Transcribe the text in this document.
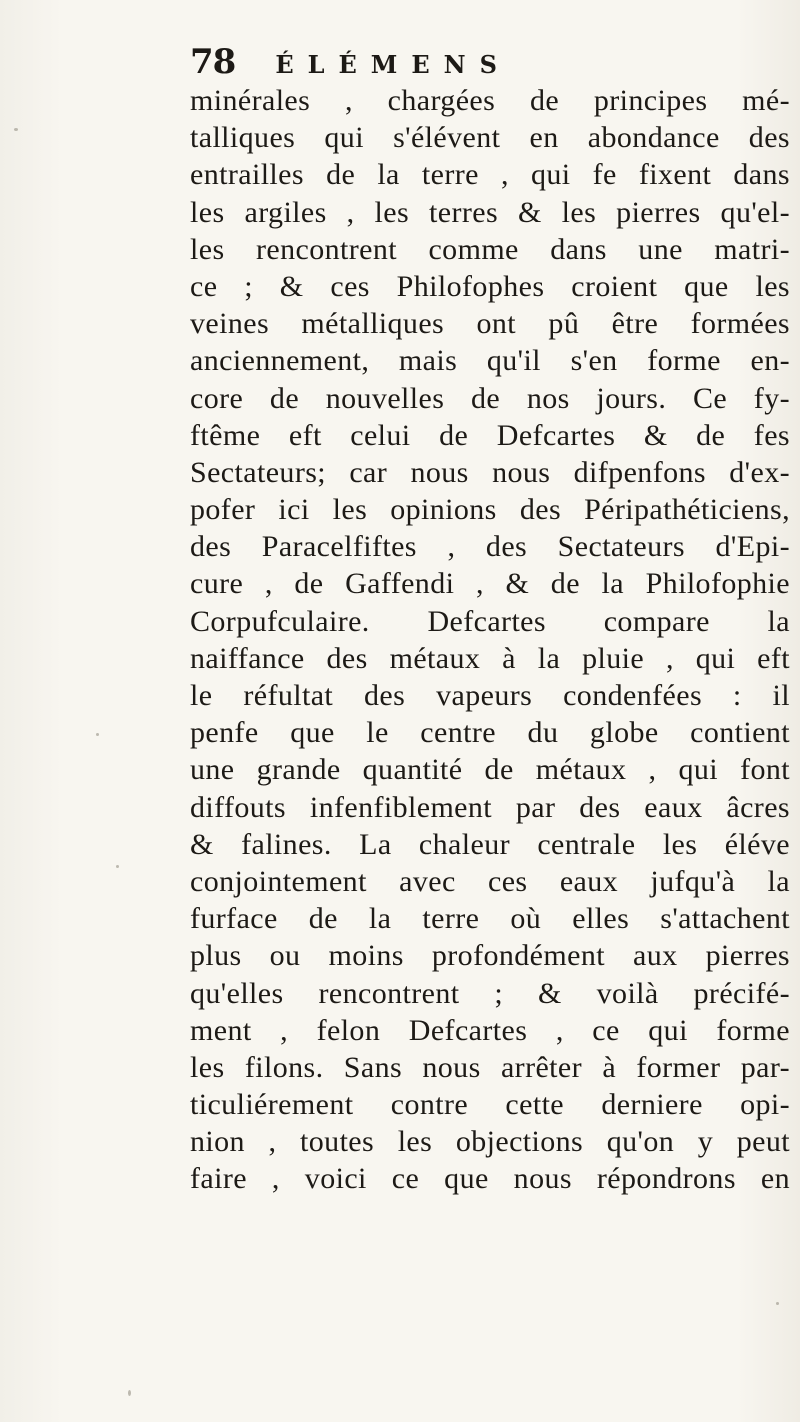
78 ÉLÉMENS
minérales , chargées de principes mé-
talliques qui s'élévent en abondance des
entrailles de la terre , qui fe fixent dans
les argiles , les terres & les pierres qu'el-
les rencontrent comme dans une matri-
ce ; & ces Philofophes croient que les
veines métalliques ont pû être formées
anciennement, mais qu'il s'en forme en-
core de nouvelles de nos jours. Ce fy-
ftême eft celui de Defcartes & de fes
Sectateurs; car nous nous difpenfons d'ex-
pofer ici les opinions des Péripathéticiens,
des Paracelfiftes , des Sectateurs d'Epi-
cure , de Gaffendi , & de la Philofophie
Corpufculaire. Defcartes compare la
naiffance des métaux à la pluie , qui eft
le réfultat des vapeurs condenfées : il
penfe que le centre du globe contient
une grande quantité de métaux , qui font
diffouts infenfiblement par des eaux âcres
& falines. La chaleur centrale les éléve
conjointement avec ces eaux jufqu'à la
furface de la terre où elles s'attachent
plus ou moins profondément aux pierres
qu'elles rencontrent ; & voilà précifé-
ment , felon Defcartes , ce qui forme
les filons. Sans nous arrêter à former par-
ticuliérement contre cette derniere opi-
nion , toutes les objections qu'on y peut
faire , voici ce que nous répondrons en
